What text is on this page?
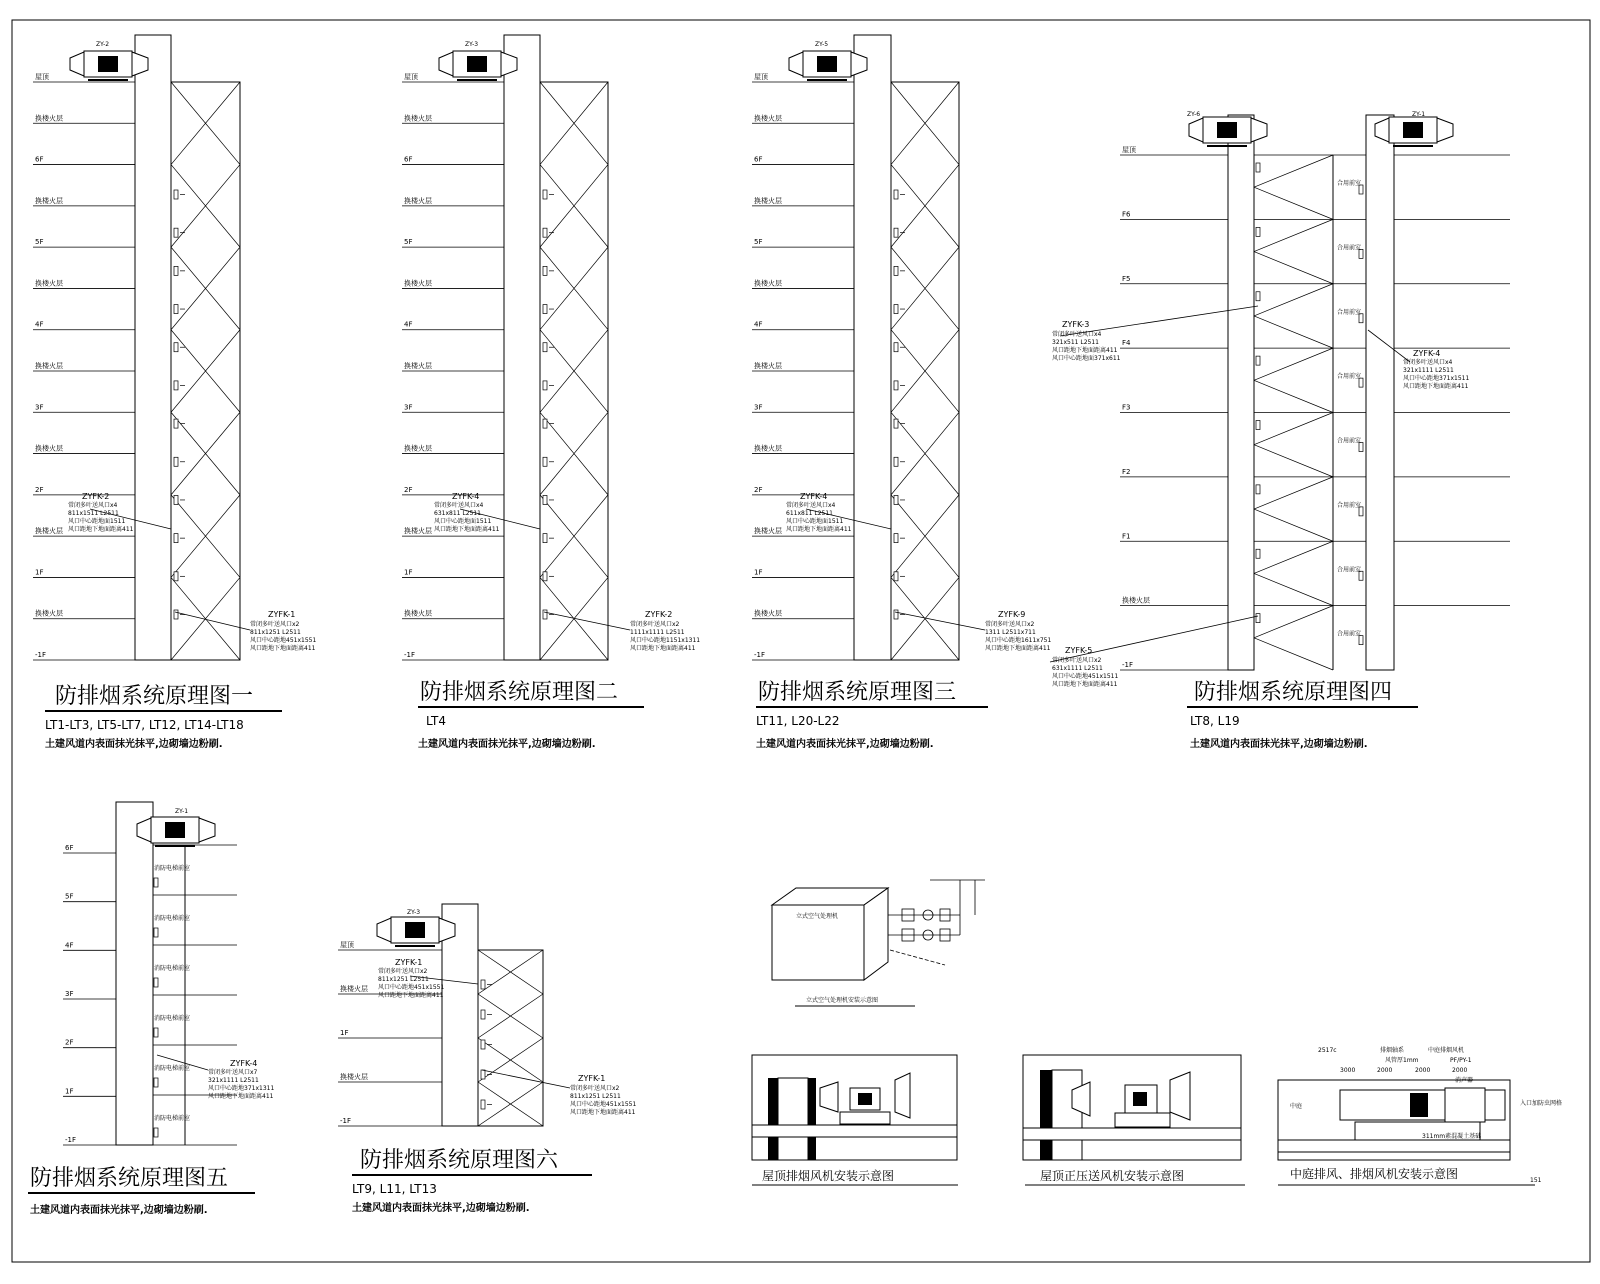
屋顶
换楼火层
6F
换楼火层
5F
换楼火层
4F
换楼火层
3F
换楼火层
2F
换楼火层
1F
换楼火层
-1F
ZY-2
ZYFK-2
常闭多叶送风口x4
811x1511 L2511
风口中心距地面1511
风口距地下地面距离411
ZYFK-1
常闭多叶送风口x2
811x1251 L2511
风口中心距地451x1551
风口距地下地面距离411
防排烟系统原理图一
LT1-LT3, LT5-LT7, LT12, LT14-LT18
土建风道内表面抹光抹平,边砌墙边粉刷.
屋顶
换楼火层
6F
换楼火层
5F
换楼火层
4F
换楼火层
3F
换楼火层
2F
换楼火层
1F
换楼火层
-1F
ZY-3
ZYFK-4
常闭多叶送风口x4
631x811 L2511
风口中心距地面1511
风口距地下地面距离411
ZYFK-2
常闭多叶送风口x2
1111x1111 L2511
风口中心距地1151x1311
风口距地下地面距离411
防排烟系统原理图二
LT4
土建风道内表面抹光抹平,边砌墙边粉刷.
屋顶
换楼火层
6F
换楼火层
5F
换楼火层
4F
换楼火层
3F
换楼火层
2F
换楼火层
1F
换楼火层
-1F
ZY-5
ZYFK-4
常闭多叶送风口x4
611x811 L2511
风口中心距地面1511
风口距地下地面距离411
ZYFK-9
常闭多叶送风口x2
1311 L2511x711
风口中心距地1611x751
风口距地下地面距离411
防排烟系统原理图三
LT11, L20-L22
土建风道内表面抹光抹平,边砌墙边粉刷.
屋顶
F6
F5
F4
F3
F2
F1
换楼火层
-1F
合用前室
合用前室
合用前室
合用前室
合用前室
合用前室
合用前室
合用前室
ZY-6	ZY-1
ZYFK-3
常闭多叶送风口x4
321x511 L2511
风口距地下地面距离411
风口中心距地面371x611
ZYFK-4
常闭多叶送风口x4
321x1111 L2511
风口中心距地371x1511
风口距地下地面距离411
ZYFK-5
常闭多叶送风口x2
631x1111 L2511
风口中心距地451x1511
风口距地下地面距离411	防排烟系统原理图四
LT8, L19
土建风道内表面抹光抹平,边砌墙边粉刷.
6F
5F
4F
3F
2F
1F
-1F
消防电梯前室
消防电梯前室
消防电梯前室
消防电梯前室
消防电梯前室
消防电梯前室
ZY-1
ZYFK-4
常闭多叶送风口x7
321x1111 L2511
风口中心距地371x1311
风口距地下地面距离411
防排烟系统原理图五
土建风道内表面抹光抹平,边砌墙边粉刷.
屋顶
换楼火层
1F
换楼火层
-1F
ZY-3
ZYFK-1
常闭多叶送风口x2
811x1251 L2511
风口中心距地451x1551
风口距地下地面距离411
ZYFK-1
常闭多叶送风口x2
811x1251 L2511
风口中心距地451x1551
风口距地下地面距离411
防排烟系统原理图六
LT9, L11, LT13
土建风道内表面抹光抹平,边砌墙边粉刷.
立式空气处理机
立式空气处理机安装示意图
屋顶排烟风机安装示意图	屋顶正压送风机安装示意图
2517c	排烟轴系	中庭排烟风机
风管厚1mm	PF/PY-1
消声器
3000	2000	2000	2000
311mm素混凝土基础
入口加防虫网格
中庭
中庭排风、排烟风机安装示意图	151
